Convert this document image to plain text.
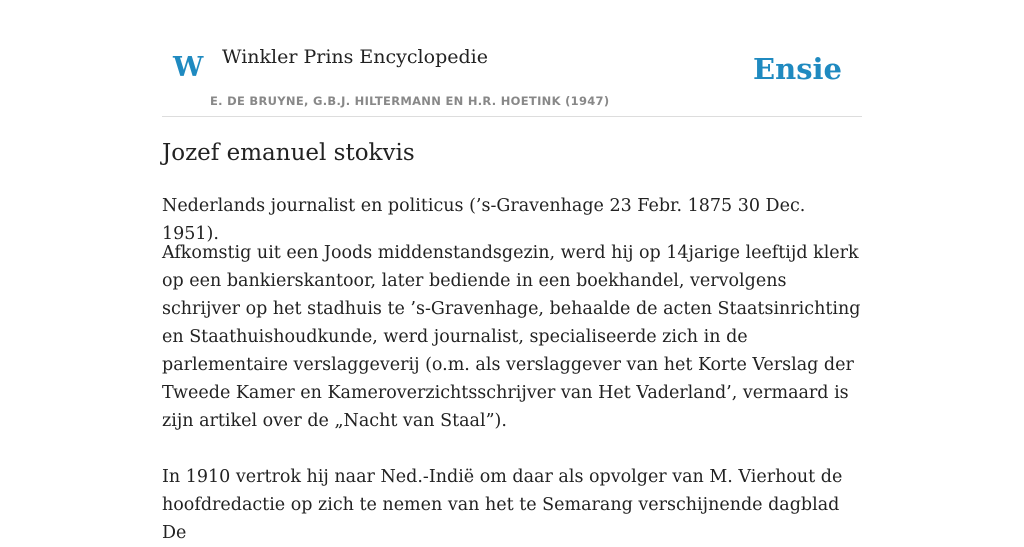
W Winkler Prins Encyclopedie
E. DE BRUYNE, G.B.J. HILTERMANN EN H.R. HOETINK (1947)
Ensie
Jozef emanuel stokvis

Nederlands journalist en politicus (’s-Gravenhage 23 Febr. 1875 30 Dec. 1951).

Afkomstig uit een Joods middenstandsgezin, werd hij op 14jarige leeftijd klerk op een bankierskantoor, later bediende in een boekhandel, vervolgens schrijver op het stadhuis te ’s-Gravenhage, behaalde de acten Staatsinrichting en Staathuishoudkunde, werd journalist, specialiseerde zich in de parlementaire verslaggeverij (o.m. als verslaggever van het Korte Verslag der Tweede Kamer en Kameroverzichtsschrijver van Het Vaderland’, vermaard is zijn artikel over de „Nacht van Staal”).

In 1910 vertrok hij naar Ned.-Indië om daar als opvolger van M. Vierhout de hoofdredactie op zich te nemen van het te Semarang verschijnende dagblad De
